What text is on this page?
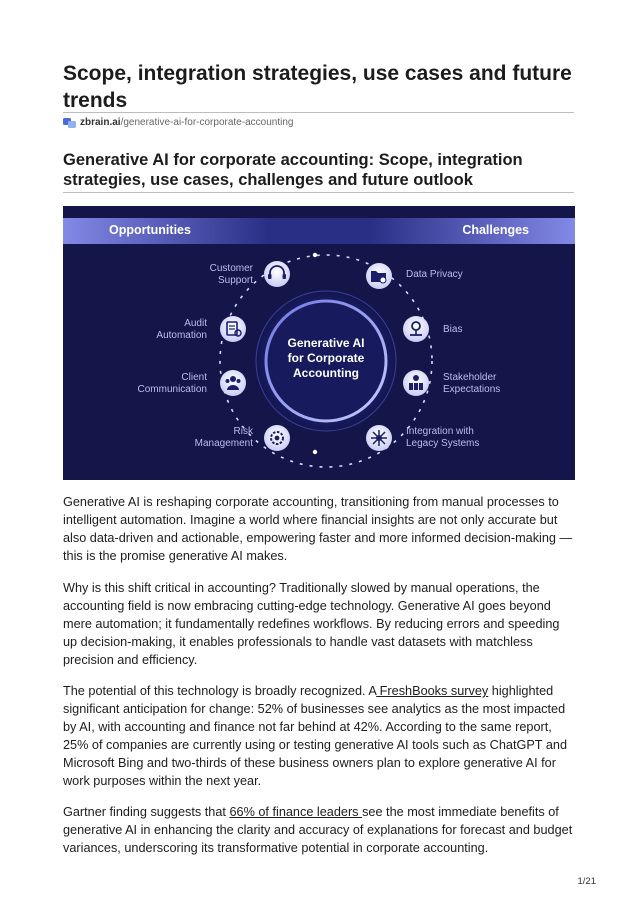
Scope, integration strategies, use cases and future trends
zbrain.ai /generative-ai-for-corporate-accounting
Generative AI for corporate accounting: Scope, integration strategies, use cases, challenges and future outlook
Opportunities	Challenges
Generative AI
for Corporate
Accounting
Customer
Support
Audit
Automation
Client
Communication
Risk
Management
Data Privacy
Bias
Stakeholder
Expectations
Integration with
Legacy Systems

Generative AI is reshaping corporate accounting, transitioning from manual processes to intelligent automation. Imagine a world where financial insights are not only accurate but also data-driven and actionable, empowering faster and more informed decision-making —this is the promise generative AI makes.

Why is this shift critical in accounting? Traditionally slowed by manual operations, the accounting field is now embracing cutting-edge technology. Generative AI goes beyond mere automation; it fundamentally redefines workflows. By reducing errors and speeding up decision-making, it enables professionals to handle vast datasets with matchless precision and efficiency.

The potential of this technology is broadly recognized. A FreshBooks survey highlighted significant anticipation for change: 52% of businesses see analytics as the most impacted by AI, with accounting and finance not far behind at 42%. According to the same report, 25% of companies are currently using or testing generative AI tools such as ChatGPT and Microsoft Bing and two-thirds of these business owners plan to explore generative AI for work purposes within the next year.

Gartner finding suggests that 66% of finance leaders see the most immediate benefits of generative AI in enhancing the clarity and accuracy of explanations for forecast and budget variances, underscoring its transformative potential in corporate accounting.

1/21
